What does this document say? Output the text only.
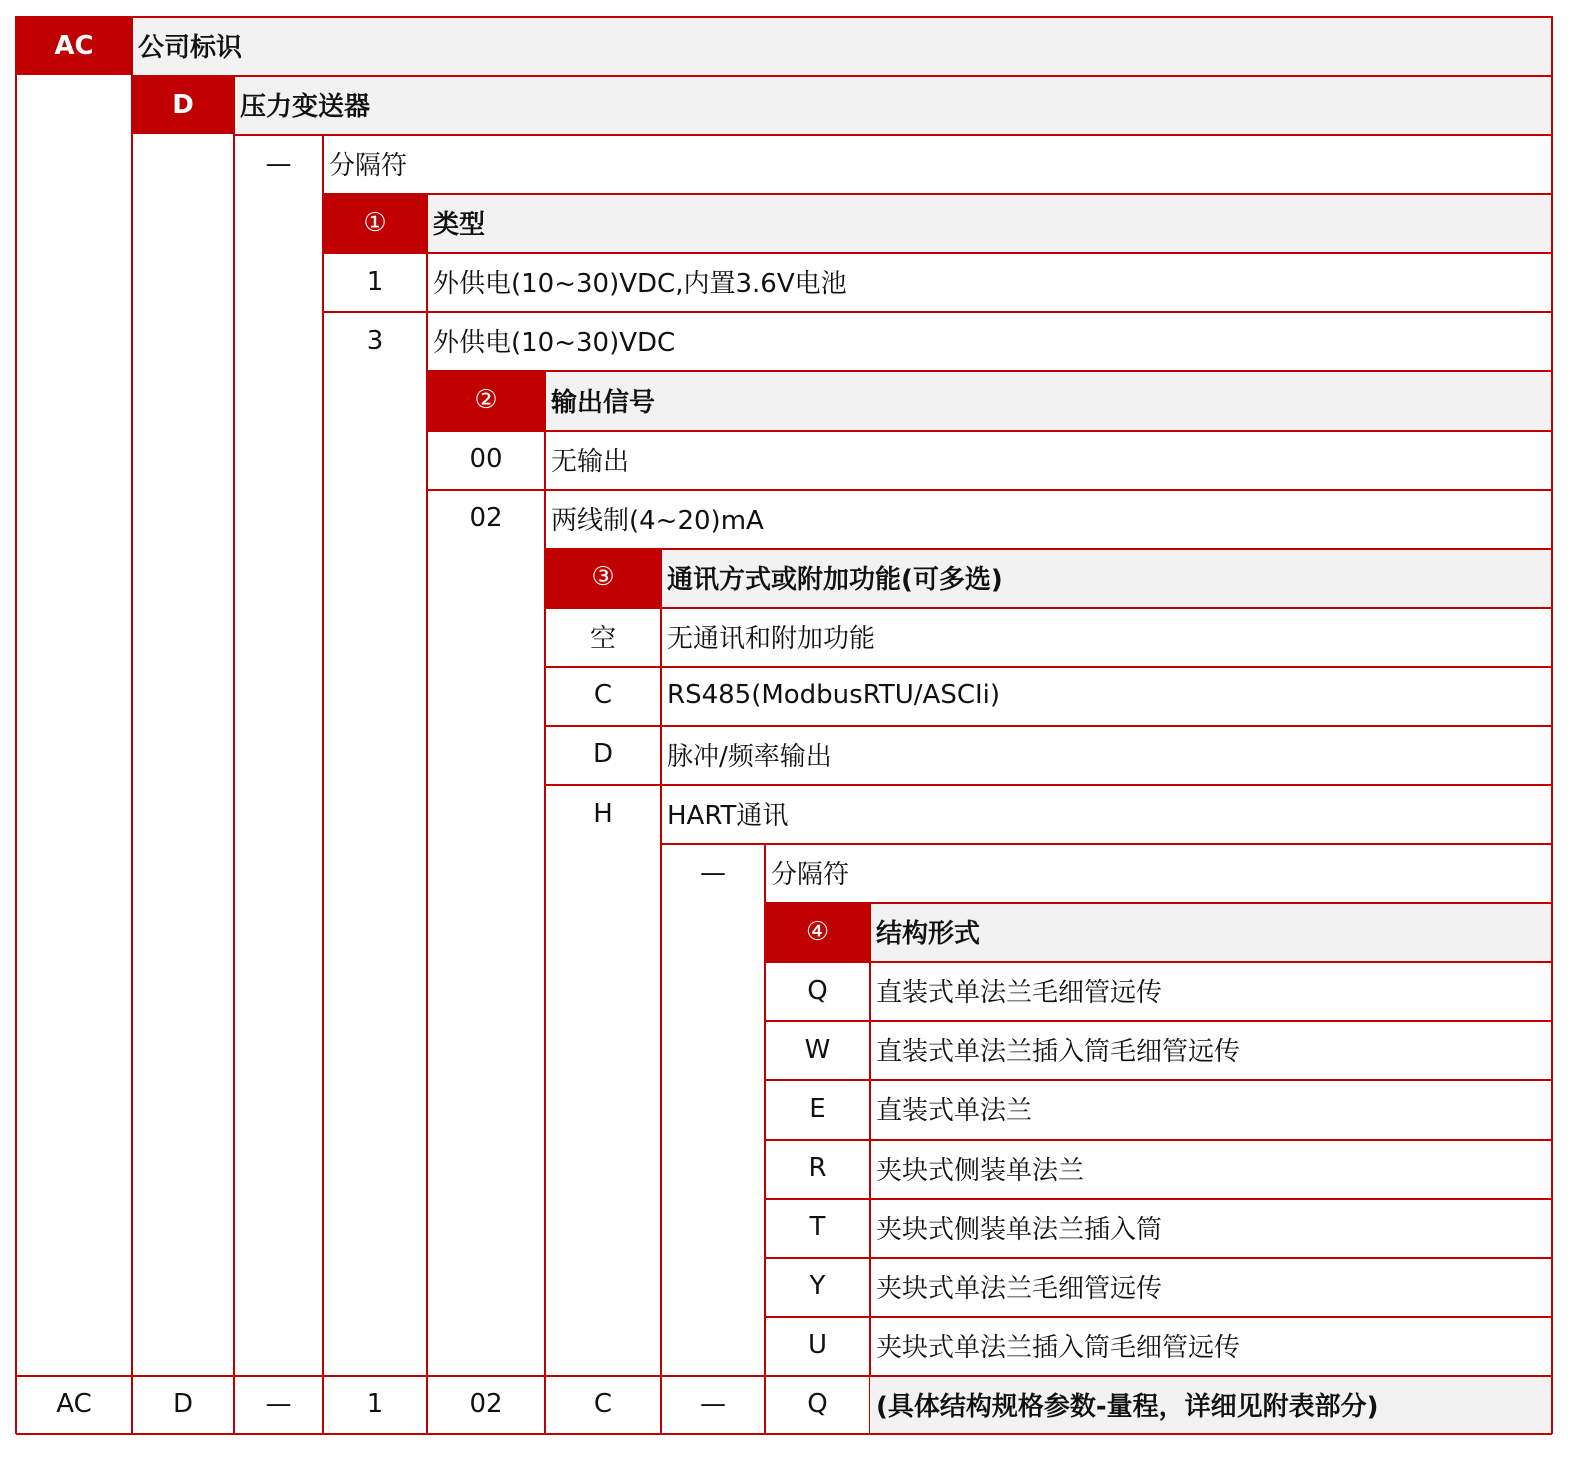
AC	公司标识
D	压力变送器
—	分隔符
①	类型
1	外供电(10~30)VDC,内置3.6V电池
3	外供电(10~30)VDC
②	输出信号
00	无输出
02	两线制(4~20)mA
③	通讯方式或附加功能(可多选)
空	无通讯和附加功能
C	RS485(ModbusRTU/ASCIi)
D	脉冲/频率输出
H	HART通讯
—	分隔符
④	结构形式
Q	直装式单法兰毛细管远传
W	直装式单法兰插入筒毛细管远传
E	直装式单法兰
R	夹块式侧装单法兰
T	夹块式侧装单法兰插入筒
Y	夹块式单法兰毛细管远传
U	夹块式单法兰插入筒毛细管远传
AC	D	—	1	02	C	—	Q	(具体结构规格参数-量程，详细见附表部分)
